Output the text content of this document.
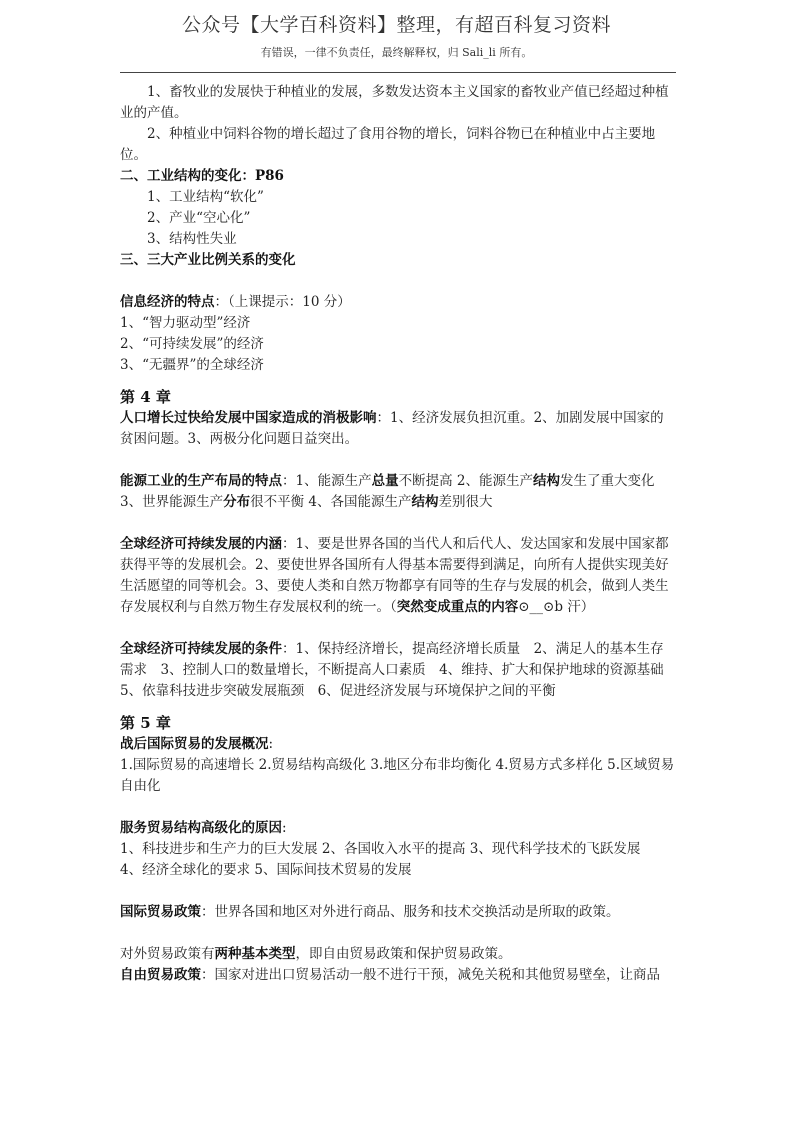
公众号【大学百科资料】整理，有超百科复习资料
有错误，一律不负责任，最终解释权，归 Sali_li 所有。

1、畜牧业的发展快于种植业的发展，多数发达资本主义国家的畜牧业产值已经超过种植业的产值。

2、种植业中饲料谷物的增长超过了食用谷物的增长，饲料谷物已在种植业中占主要地位。

二、工业结构的变化：P86

1、工业结构“软化”

2、产业“空心化”

3、结构性失业

三、三大产业比例关系的变化

信息经济的特点：（上课提示：10 分）

1、“智力驱动型”经济

2、“可持续发展”的经济

3、“无疆界”的全球经济

第 4 章

人口增长过快给发展中国家造成的消极影响：1、经济发展负担沉重。2、加剧发展中国家的贫困问题。3、两极分化问题日益突出。

能源工业的生产布局的特点：1、能源生产总量不断提高 2、能源生产结构发生了重大变化 3、世界能源生产分布很不平衡 4、各国能源生产结构差别很大

全球经济可持续发展的内涵：1、要是世界各国的当代人和后代人、发达国家和发展中国家都获得平等的发展机会。2、要使世界各国所有人得基本需要得到满足，向所有人提供实现美好生活愿望的同等机会。3、要使人类和自然万物都享有同等的生存与发展的机会，做到人类生存发展权利与自然万物生存发展权利的统一。（突然变成重点的内容⊙__⊙b 汗）

全球经济可持续发展的条件：1、保持经济增长，提高经济增长质量　2、满足人的基本生存需求　3、控制人口的数量增长，不断提高人口素质　4、维持、扩大和保护地球的资源基础 5、依靠科技进步突破发展瓶颈　6、促进经济发展与环境保护之间的平衡

第 5 章

战后国际贸易的发展概况:

1.国际贸易的高速增长 2.贸易结构高级化 3.地区分布非均衡化 4.贸易方式多样化 5.区域贸易自由化

服务贸易结构高级化的原因:

1、科技进步和生产力的巨大发展 2、各国收入水平的提高 3、现代科学技术的飞跃发展

4、经济全球化的要求 5、国际间技术贸易的发展

国际贸易政策：世界各国和地区对外进行商品、服务和技术交换活动是所取的政策。

对外贸易政策有两种基本类型，即自由贸易政策和保护贸易政策。

自由贸易政策：国家对进出口贸易活动一般不进行干预，减免关税和其他贸易壁垒，让商品
